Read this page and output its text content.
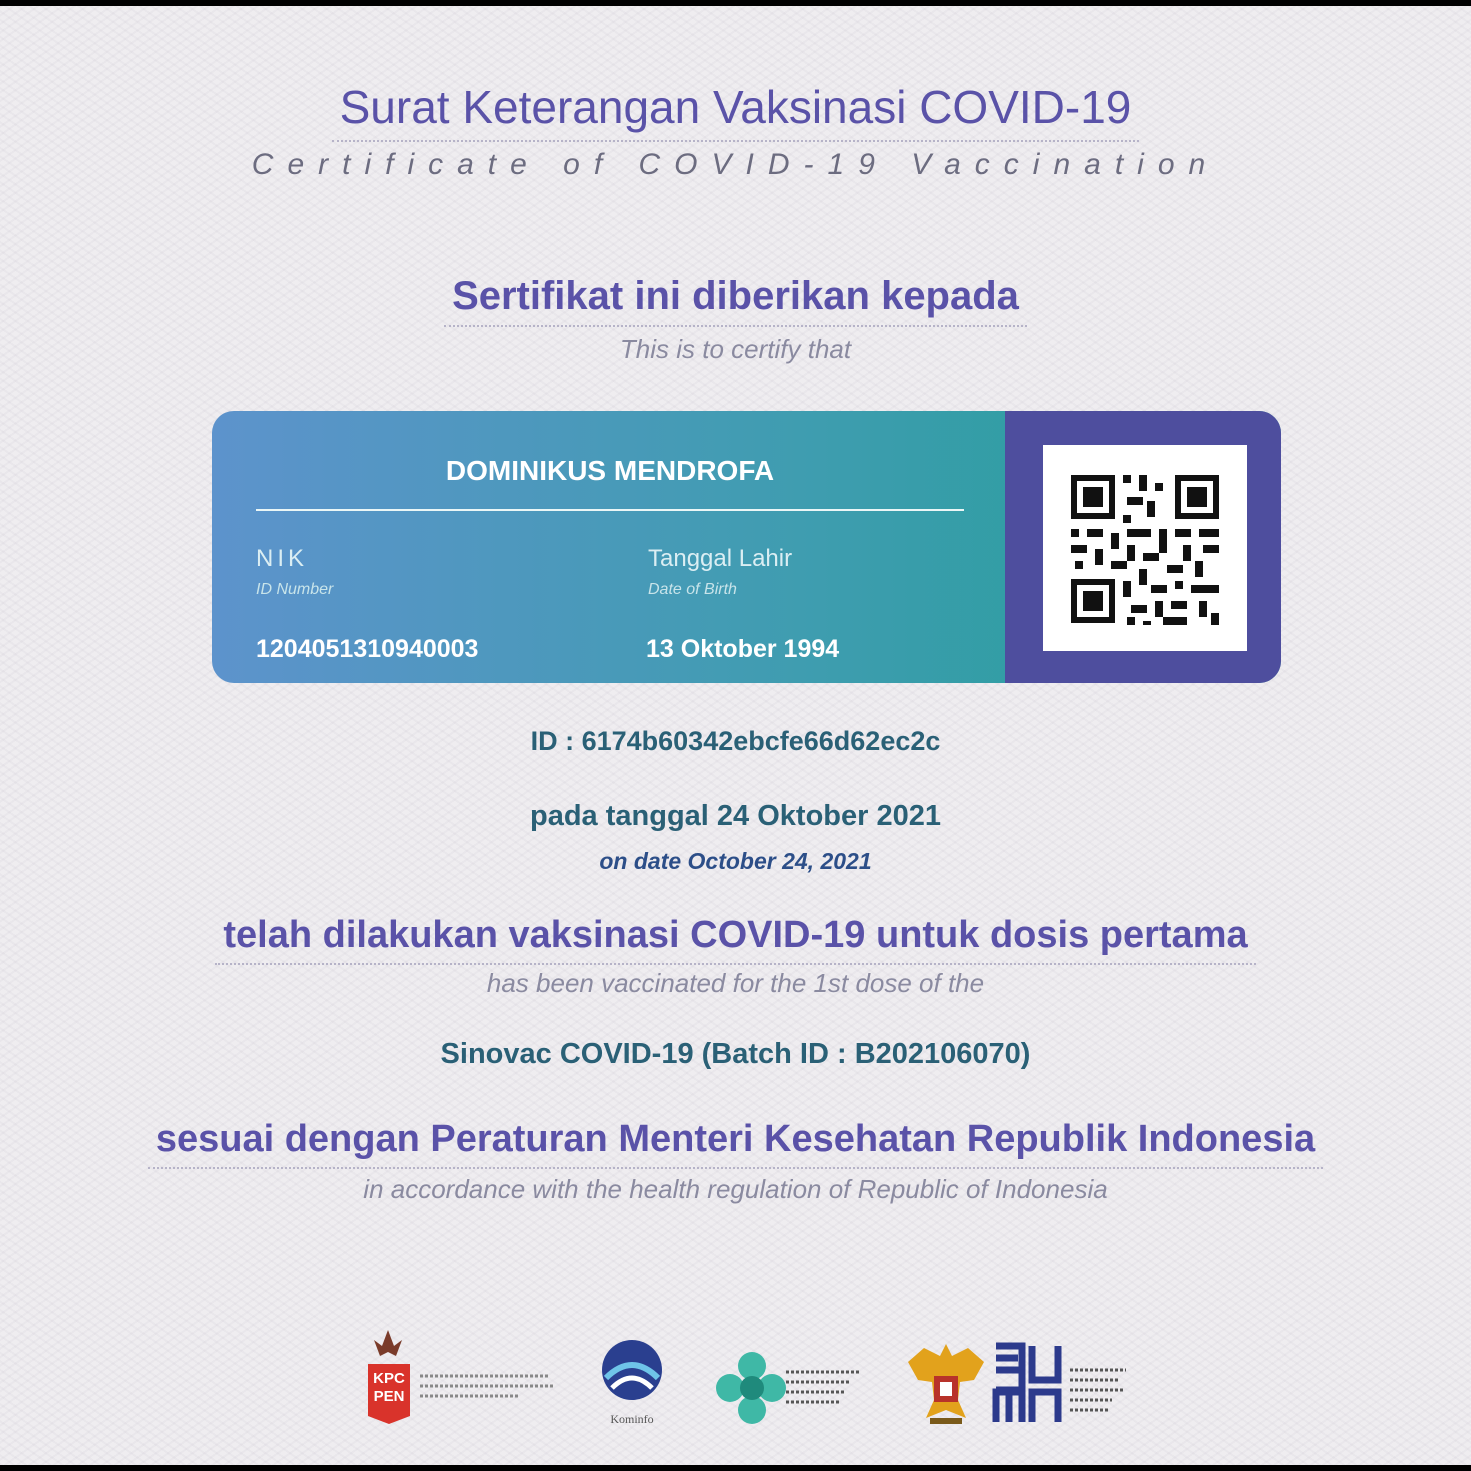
Surat Keterangan Vaksinasi COVID-19
Certificate of COVID-19 Vaccination
Sertifikat ini diberikan kepada
This is to certify that
DOMINIKUS MENDROFA
NIK
ID Number
1204051310940003
Tanggal Lahir
Date of Birth
13 Oktober 1994
ID : 6174b60342ebcfe66d62ec2c
pada tanggal 24 Oktober 2021
on date October 24, 2021
telah dilakukan vaksinasi COVID-19 untuk dosis pertama
has been vaccinated for the 1st dose of the
Sinovac COVID-19 (Batch ID : B202106070)
sesuai dengan Peraturan Menteri Kesehatan Republik Indonesia
in accordance with the health regulation of Republic of Indonesia
KPC
PEN
Kominfo
